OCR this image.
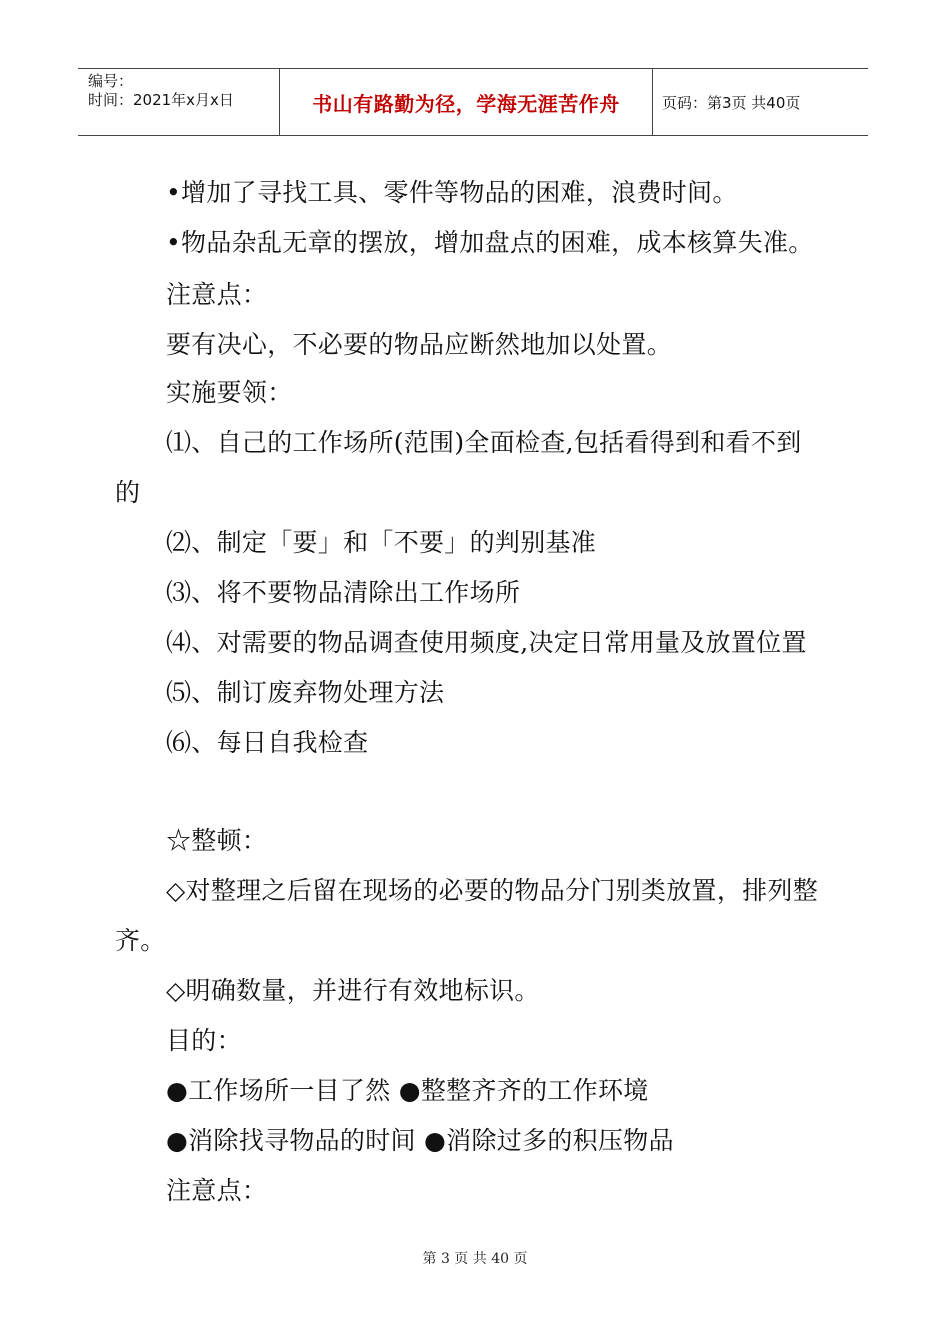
编号：
时间：2021年x月x日	书山有路勤为径，学海无涯苦作舟	页码：第3页 共40页
•增加了寻找工具、零件等物品的困难，浪费时间。
•物品杂乱无章的摆放，增加盘点的困难，成本核算失准。
注意点：
要有决心，不必要的物品应断然地加以处置。
实施要领：
⑴、自己的工作场所(范围)全面检查,包括看得到和看不到
的
⑵、制定「要」和「不要」的判别基准
⑶、将不要物品清除出工作场所
⑷、对需要的物品调查使用频度,决定日常用量及放置位置
⑸、制订废弃物处理方法
⑹、每日自我检查
☆整顿：
◇对整理之后留在现场的必要的物品分门别类放置，排列整
齐。
◇明确数量，并进行有效地标识。
目的：
●工作场所一目了然 ●整整齐齐的工作环境
●消除找寻物品的时间 ●消除过多的积压物品
注意点：
第 3 页 共 40 页
